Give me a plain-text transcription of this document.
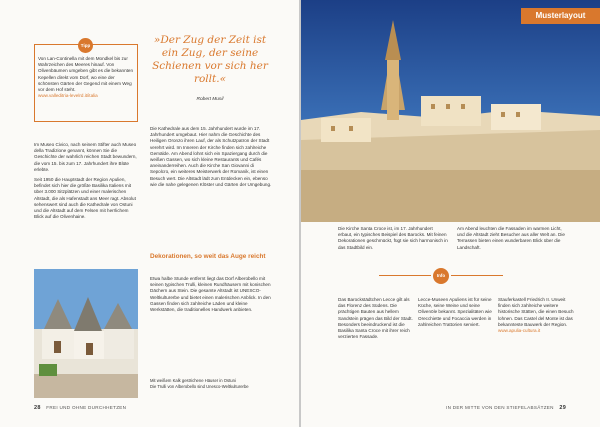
Tipp
Von Lan-Continella mit dem Mondkel bis zur Wahrzeichen des Meeres hinauf. Von Olivenbäumen umgeben gibt es die bekannten Kepellen direkt vom Dorf, wo eine der schönsten Gärten der Gegend mit einem Weg vor dem Hof steht.
www.valleditria-levelrd.it/italia
»Der Zug der Zeit ist ein Zug, der seine Schienen vor sich her rollt.«
Robert Musil

Im Museo Civico, nach seinem Stifter auch Museo della Tradizione genannt, können Sie die Geschichte der wahrlich reichen Stadt bewundern, die vom 15. bis zum 17. Jahrhundert ihre Blüte erlebte.

Seit 1950 die Hauptstadt der Region Apulien, befindet sich hier die größte Basilika Italiens mit über 3.000 Sitzplätzen und einer malerischen Altstadt, die als Hafenstadt ans Meer ragt. Absolut sehenswert sind auch die Kathedrale von Ostuni und die Altstadt auf dem Felsen mit herrlichem Blick auf die Olivenhaine.

Die Kathedrale aus dem 15. Jahrhundert wurde im 17. Jahrhundert umgebaut. Hier nahm die Geschichte des Heiligen Oronzo ihren Lauf, der als Schutzpatron der Stadt verehrt wird. Im Inneren der Kirche finden sich zahlreiche Gemälde. Am Abend lohnt sich ein Spaziergang durch die weißen Gassen, wo sich kleine Restaurants und Cafés aneinanderreihen. Auch die Kirche San Giovanni di Sepolcro, ein weiteres Meisterwerk der Romanik, ist einen Besuch wert. Die Altstadt lädt zum Entdecken ein, ebenso wie die nahe gelegenen Klöster und Gärten der Umgebung.
Dekorationen, so weit das Auge reicht
Etwa halbe Stunde entfernt liegt das Dorf Alberobello mit seinen typischen Trulli, kleinen Rundhäusern mit konischen Dächern aus Stein. Die gesamte Altstadt ist UNESCO-Weltkulturerbe und bietet einen malerischen Anblick. In den Gassen finden sich zahlreiche Läden und kleine Werkstätten, die traditionelles Handwerk anbieten.
Mit weißem Kalk gestrichene Häuser in Ostuni
Die Trulli von Alberobello sind Unesco-Weltkulturerbe
28 FREI UND OHNE DURCHHETZEN
Musterlayout
Die Kirche Santa Croce ist, im 17. Jahrhundert erbaut, ein typisches Beispiel des Barocks. Mit feinen Dekorationen geschmückt, fügt sie sich harmonisch in das Stadtbild ein.
Am Abend leuchten die Fassaden im warmen Licht, und die Altstadt zieht Besucher aus aller Welt an. Die Terrassen bieten einen wunderbaren Blick über die Landschaft.
Info
Das Barockstädtchen Lecce gilt als das Florenz des Südens. Die prächtigen Bauten aus hellem Sandstein prägen das Bild der Stadt. Besonders beeindruckend ist die Basilika Santa Croce mit ihrer reich verzierten Fassade.
Lecce-Museen Apuliens ist für seine Küche, seine Weine und seine Olivenöle bekannt. Spezialitäten wie Orecchiette und Focaccia werden in zahlreichen Trattorien serviert.
Stauferkastell Friedrich II. Unweit finden sich zahlreiche weitere historische Stätten, die einen Besuch lohnen. Das Castel del Monte ist das bekannteste Bauwerk der Region.
www.apulia-cultura.it
IN DER MITTE VON DEN STIEFELABSÄTZEN 29
